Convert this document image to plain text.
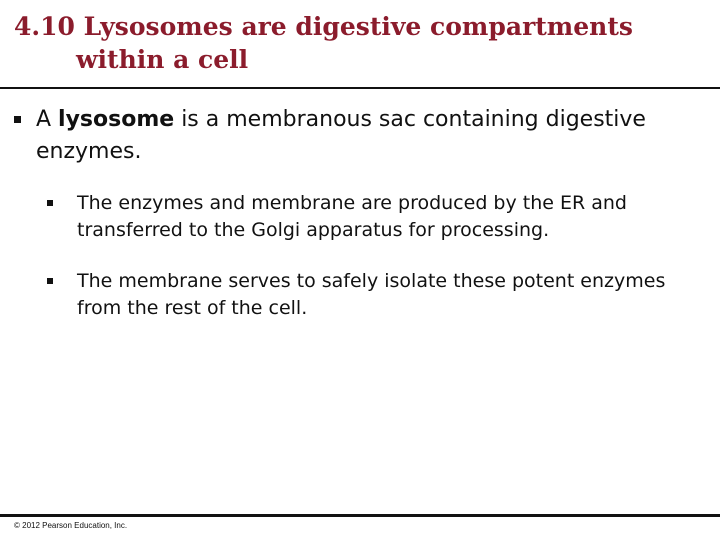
4.10 Lysosomes are digestive compartments
within a cell
A lysosome is a membranous sac containing digestive enzymes.
The enzymes and membrane are produced by the ER and transferred to the Golgi apparatus for processing.
The membrane serves to safely isolate these potent enzymes from the rest of the cell.
© 2012 Pearson Education, Inc.
